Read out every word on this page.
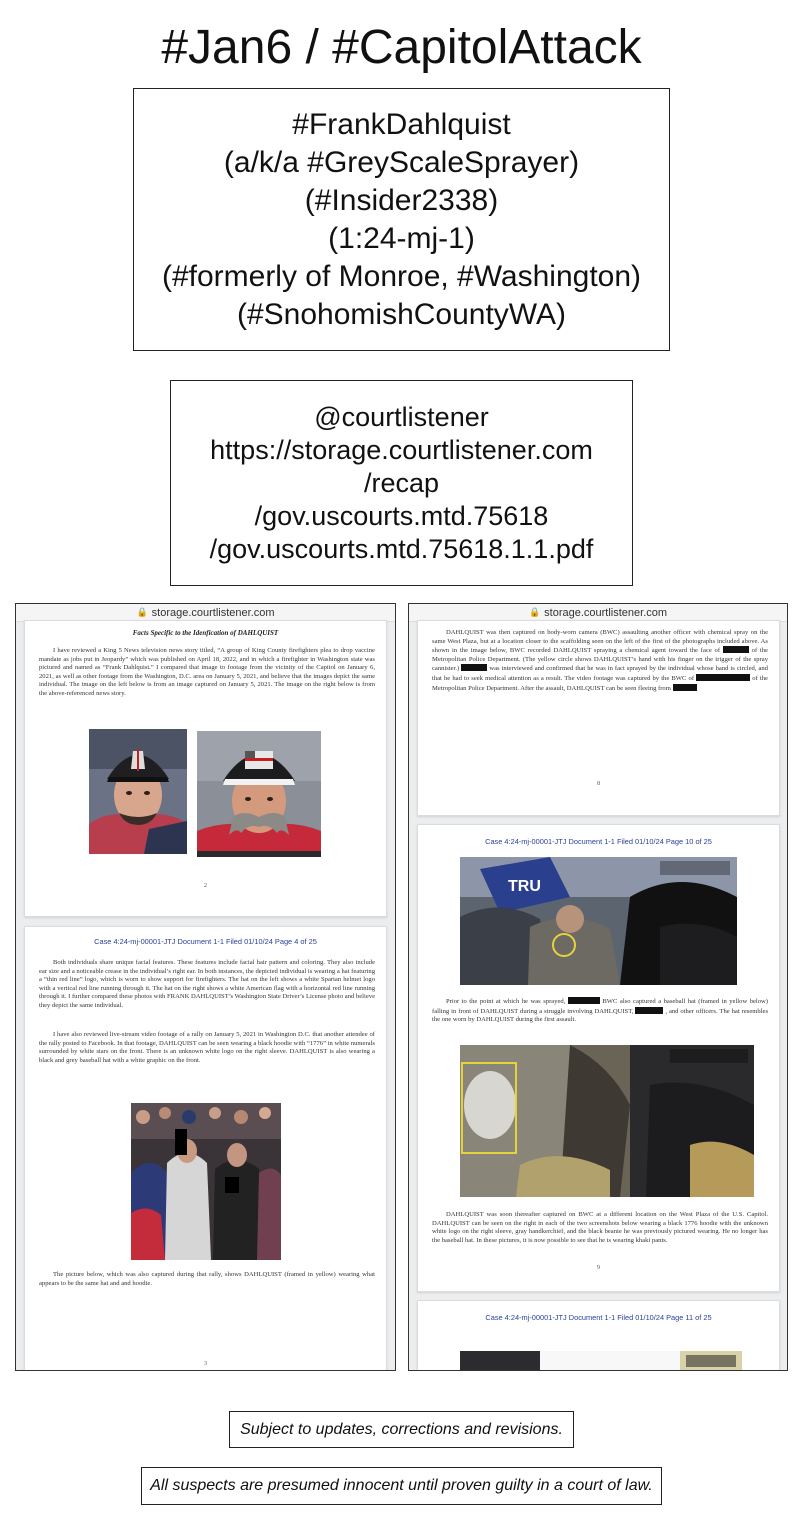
#Jan6 / #CapitolAttack
#FrankDahlquist
(a/k/a #GreyScaleSprayer)
(#Insider2338)
(1:24-mj-1)
(#formerly of Monroe, #Washington)
(#SnohomishCountyWA)
@courtlistener
https://storage.courtlistener.com
/recap
/gov.uscourts.mtd.75618
/gov.uscourts.mtd.75618.1.1.pdf
🔒 storage.courtlistener.com
Facts Specific to the Idenfication of DAHLQUIST
I have reviewed a King 5 News television news story titled, “A group of King County firefighters plea to drop vaccine mandate as jobs put in Jeopardy” which was published on April 18, 2022, and in which a firefighter in Washington state was pictured and named as “Frank Dahlquist.” I compared that image to footage from the vicinity of the Capitol on January 6, 2021, as well as other footage from the Washington, D.C. area on January 5, 2021, and believe that the images depict the same individual. The image on the left below is from an image captured on January 5, 2021. The image on the right below is from the above-referenced news story.
2
Case 4:24-mj-00001-JTJ Document 1-1 Filed 01/10/24 Page 4 of 25
Both individuals share unique facial features. These features include facial hair pattern and coloring. They also include ear size and a noticeable crease in the individual’s right ear. In both instances, the depicted individual is wearing a hat featuring a “thin red line” logo, which is worn to show support for firefighters. The hat on the left shows a white Spartan helmet logo with a vertical red line running through it. The hat on the right shows a white American flag with a horizontal red line running through it. I further compared these photos with FRANK DAHLQUIST’s Washington State Driver’s License photo and believe they depict the same individual.
I have also reviewed live-stream video footage of a rally on January 5, 2021 in Washington D.C. that another attendee of the rally posted to Facebook. In that footage, DAHLQUIST can be seen wearing a black hoodie with “1776” in white numerals surrounded by white stars on the front. There is an unknown white logo on the right sleeve. DAHLQUIST is also wearing a black and grey baseball hat with a white graphic on the front.
The picture below, which was also captured during that rally, shows DAHLQUIST (framed in yellow) wearing what appears to be the same hat and and hoodie.
3
🔒 storage.courtlistener.com
DAHLQUIST was then captured on body-worn camera (BWC) assaulting another officer with chemical spray on the same West Plaza, but at a location closer to the scaffolding seen on the left of the first of the photographs included above. As shown in the image below, BWC recorded DAHLQUIST spraying a chemical agent toward the face of	of the Metropolitan Police Department. (The yellow circle shows DAHLQUIST’s hand with his finger on the trigger of the spray cannister.)	was interviewed and confirmed that he was in fact sprayed by the individual whose hand is circled, and that he had to seek medical attention as a result. The video footage was captured by the BWC of	of the Metropolitan Police Department. After the assault, DAHLQUIST can be seen fleeing from
8
Case 4:24-mj-00001-JTJ Document 1-1 Filed 01/10/24 Page 10 of 25
TRU
Prior to the point at which he was sprayed,	BWC also captured a baseball hat (framed in yellow below) falling in front of DAHLQUIST during a struggle involving DAHLQUIST,	, and other officers. The hat resembles the one worn by DAHLQUIST during the first assault.
DAHLQUIST was soon thereafter captured on BWC at a different location on the West Plaza of the U.S. Capitol. DAHLQUIST can be seen on the right in each of the two screenshots below wearing a black 1776 hoodie with the unknown white logo on the right sleeve, gray handkerchief, and the black beanie he was previously pictured wearing. He no longer has the baseball hat. In these pictures, it is now possible to see that he is wearing khaki pants.
9
Case 4:24-mj-00001-JTJ Document 1-1 Filed 01/10/24 Page 11 of 25
Subject to updates, corrections and revisions.
All suspects are presumed innocent until proven guilty in a court of law.
